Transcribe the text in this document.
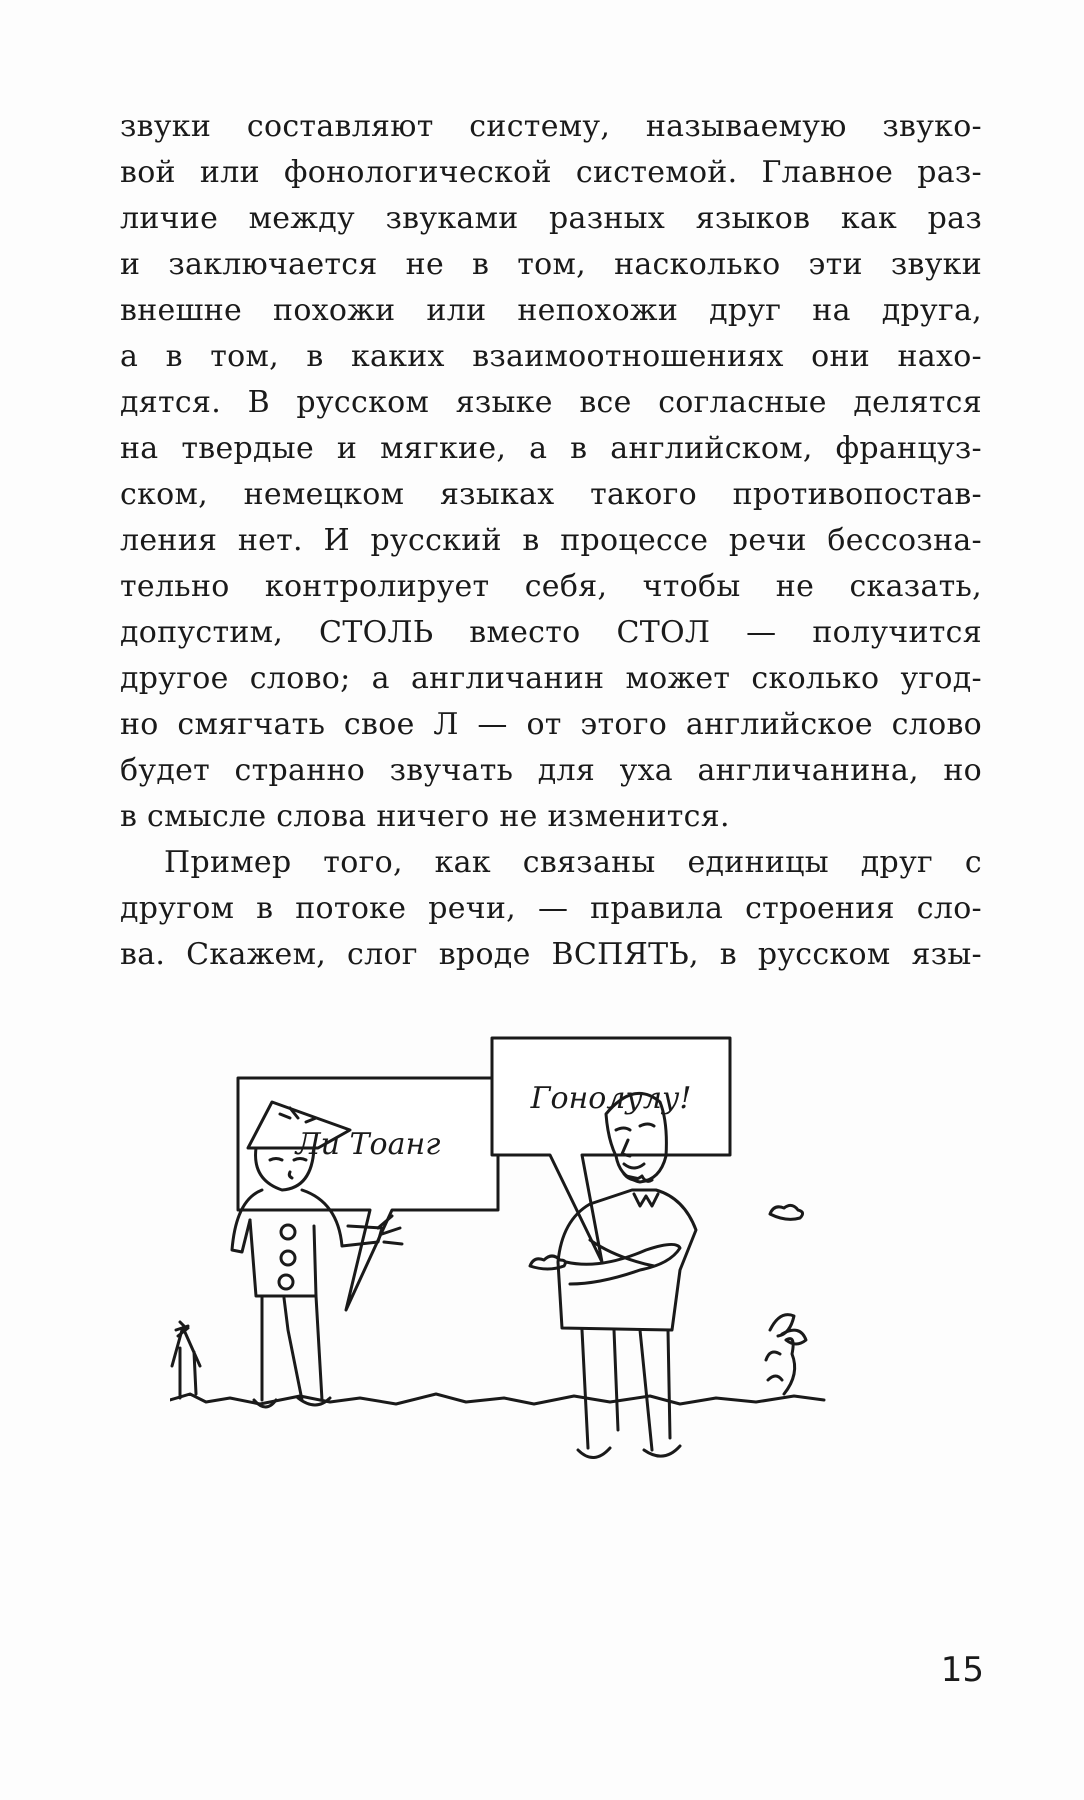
звуки составляют систему, называемую звуко-
вой или фонологической системой. Главное раз-
личие между звуками разных языков как раз
и заключается не в том, насколько эти звуки
внешне похожи или непохожи друг на друга,
а в том, в каких взаимоотношениях они нахо-
дятся. В русском языке все согласные делятся
на твердые и мягкие, а в английском, француз-
ском, немецком языках такого противопостав-
ления нет. И русский в процессе речи бессозна-
тельно контролирует себя, чтобы не сказать,
допустим, СТОЛЬ вместо СТОЛ — получится
другое слово; а англичанин может сколько угод-
но смягчать свое Л — от этого английское слово
будет странно звучать для уха англичанина, но
в смысле слова ничего не изменится.
Пример того, как связаны единицы друг с
другом в потоке речи, — правила строения сло-
ва. Скажем, слог вроде ВСПЯТЬ, в русском язы-
Ли Тоанг
Гонолулу!
15
